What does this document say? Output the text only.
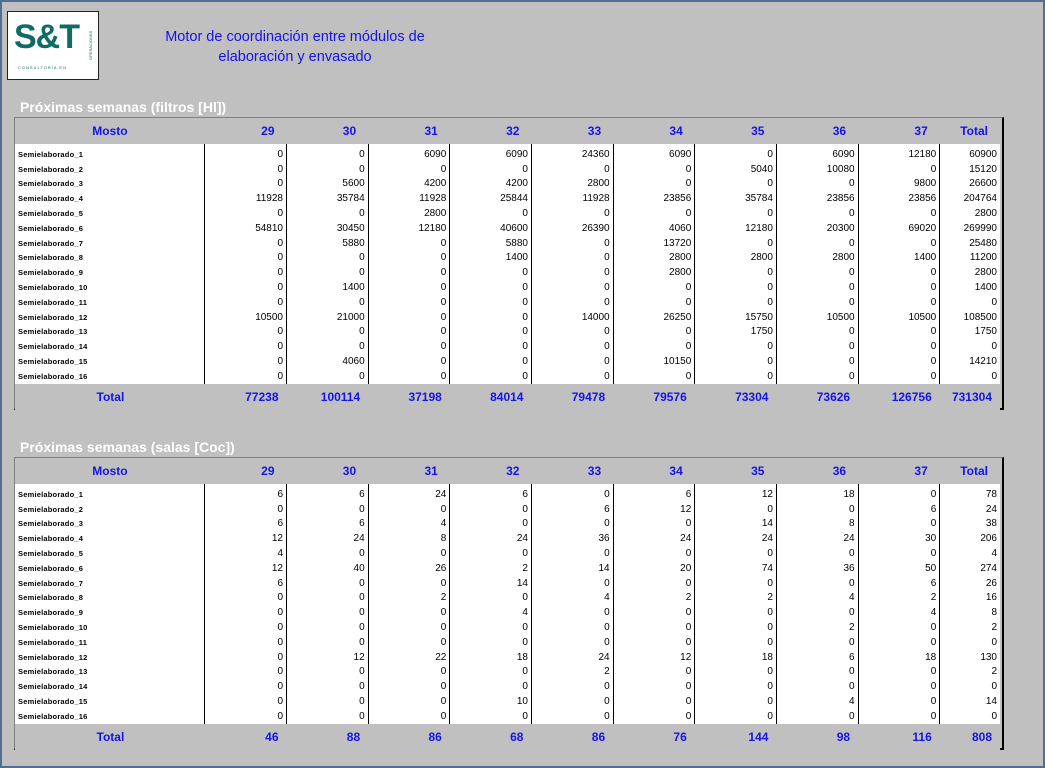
S&T
CONSULTORÍA EN
OPERACIONES	Motor de coordinación entre módulos de
elaboración y envasado
Próximas semanas (filtros [Hl])
Mosto	29	30	31	32	33	34	35	36	37	Total
Semielaborado_1	0	0	6090	6090	24360	6090	0	6090	12180	60900
Semielaborado_2	0	0	0	0	0	0	5040	10080	0	15120
Semielaborado_3	0	5600	4200	4200	2800	0	0	0	9800	26600
Semielaborado_4	11928	35784	11928	25844	11928	23856	35784	23856	23856	204764
Semielaborado_5	0	0	2800	0	0	0	0	0	0	2800
Semielaborado_6	54810	30450	12180	40600	26390	4060	12180	20300	69020	269990
Semielaborado_7	0	5880	0	5880	0	13720	0	0	0	25480
Semielaborado_8	0	0	0	1400	0	2800	2800	2800	1400	11200
Semielaborado_9	0	0	0	0	0	2800	0	0	0	2800
Semielaborado_10	0	1400	0	0	0	0	0	0	0	1400
Semielaborado_11	0	0	0	0	0	0	0	0	0	0
Semielaborado_12	10500	21000	0	0	14000	26250	15750	10500	10500	108500
Semielaborado_13	0	0	0	0	0	0	1750	0	0	1750
Semielaborado_14	0	0	0	0	0	0	0	0	0	0
Semielaborado_15	0	4060	0	0	0	10150	0	0	0	14210
Semielaborado_16	0	0	0	0	0	0	0	0	0	0
Total	77238	100114	37198	84014	79478	79576	73304	73626	126756	731304
Próximas semanas (salas [Coc])
Mosto	29	30	31	32	33	34	35	36	37	Total
Semielaborado_1	6	6	24	6	0	6	12	18	0	78
Semielaborado_2	0	0	0	0	6	12	0	0	6	24
Semielaborado_3	6	6	4	0	0	0	14	8	0	38
Semielaborado_4	12	24	8	24	36	24	24	24	30	206
Semielaborado_5	4	0	0	0	0	0	0	0	0	4
Semielaborado_6	12	40	26	2	14	20	74	36	50	274
Semielaborado_7	6	0	0	14	0	0	0	0	6	26
Semielaborado_8	0	0	2	0	4	2	2	4	2	16
Semielaborado_9	0	0	0	4	0	0	0	0	4	8
Semielaborado_10	0	0	0	0	0	0	0	2	0	2
Semielaborado_11	0	0	0	0	0	0	0	0	0	0
Semielaborado_12	0	12	22	18	24	12	18	6	18	130
Semielaborado_13	0	0	0	0	2	0	0	0	0	2
Semielaborado_14	0	0	0	0	0	0	0	0	0	0
Semielaborado_15	0	0	0	10	0	0	0	4	0	14
Semielaborado_16	0	0	0	0	0	0	0	0	0	0
Total	46	88	86	68	86	76	144	98	116	808
